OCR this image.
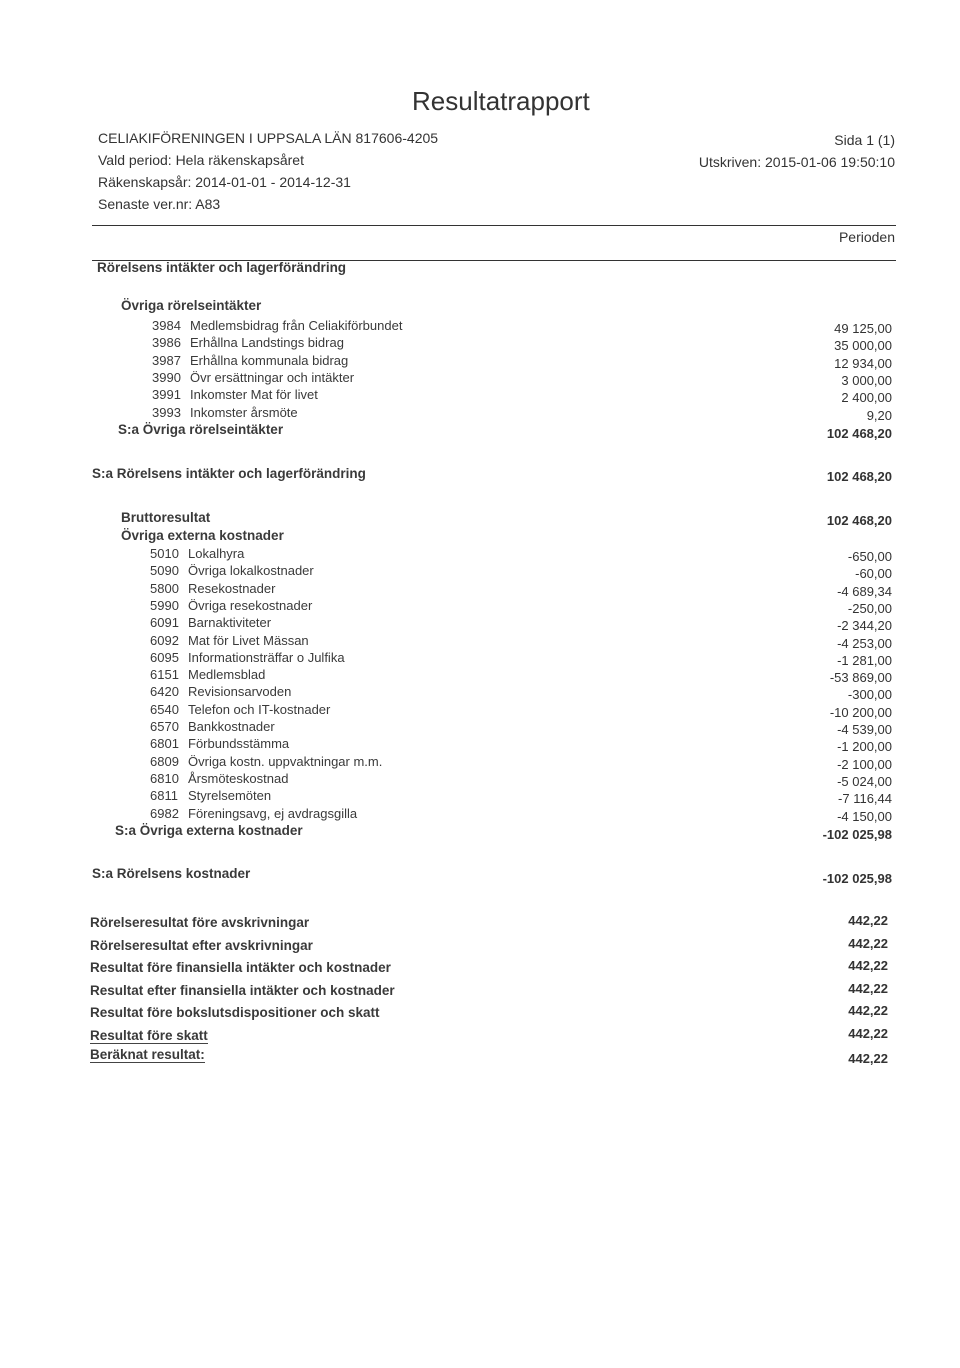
Resultatrapport
CELIAKIFÖRENINGEN I UPPSALA LÄN 817606-4205
Vald period: Hela räkenskapsåret
Räkenskapsår: 2014-01-01 - 2014-12-31
Senaste ver.nr: A83
Sida 1 (1)
Utskriven: 2015-01-06 19:50:10
Perioden
Rörelsens intäkter och lagerförändring
Övriga rörelseintäkter
3984 Medlemsbidrag från Celiakiförbundet	49 125,00
3986 Erhållna Landstings bidrag	35 000,00
3987 Erhållna kommunala bidrag	12 934,00
3990 Övr ersättningar och intäkter	3 000,00
3991 Inkomster Mat för livet	2 400,00
3993 Inkomster årsmöte	9,20
S:a Övriga rörelseintäkter	102 468,20
S:a Rörelsens intäkter och lagerförändring	102 468,20
Bruttoresultat	102 468,20
Övriga externa kostnader
5010 Lokalhyra	-650,00
5090 Övriga lokalkostnader	-60,00
5800 Resekostnader	-4 689,34
5990 Övriga resekostnader	-250,00
6091 Barnaktiviteter	-2 344,20
6092 Mat för Livet Mässan	-4 253,00
6095 Informationsträffar o Julfika	-1 281,00
6151 Medlemsblad	-53 869,00
6420 Revisionsarvoden	-300,00
6540 Telefon och IT-kostnader	-10 200,00
6570 Bankkostnader	-4 539,00
6801 Förbundsstämma	-1 200,00
6809 Övriga kostn. uppvaktningar m.m.	-2 100,00
6810 Årsmöteskostnad	-5 024,00
6811 Styrelsemöten	-7 116,44
6982 Föreningsavg, ej avdragsgilla	-4 150,00
S:a Övriga externa kostnader	-102 025,98
S:a Rörelsens kostnader	-102 025,98
Rörelseresultat före avskrivningar	442,22
Rörelseresultat efter avskrivningar	442,22
Resultat före finansiella intäkter och kostnader	442,22
Resultat efter finansiella intäkter och kostnader	442,22
Resultat före bokslutsdispositioner och skatt	442,22
Resultat före skatt	442,22
Beräknat resultat:	442,22
